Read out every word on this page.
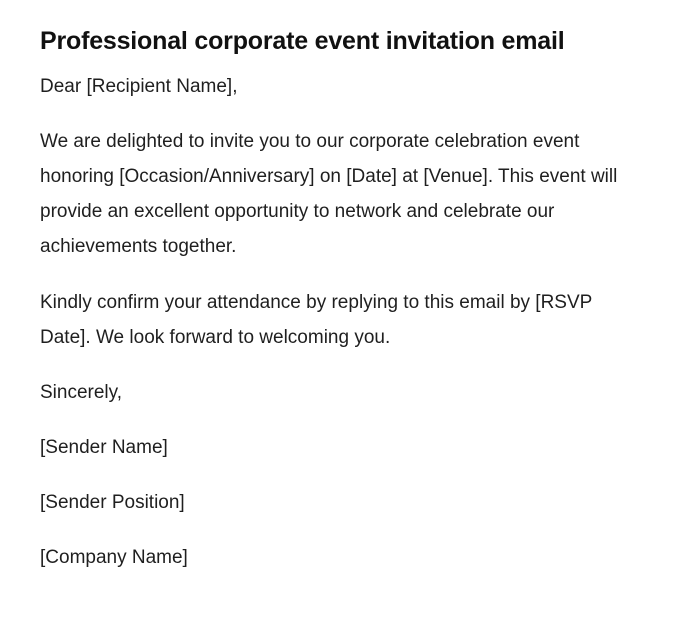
Professional corporate event invitation email

Dear [Recipient Name],

We are delighted to invite you to our corporate celebration event honoring [Occasion/Anniversary] on [Date] at [Venue]. This event will provide an excellent opportunity to network and celebrate our achievements together.

Kindly confirm your attendance by replying to this email by [RSVP Date]. We look forward to welcoming you.

Sincerely,

[Sender Name]

[Sender Position]

[Company Name]
